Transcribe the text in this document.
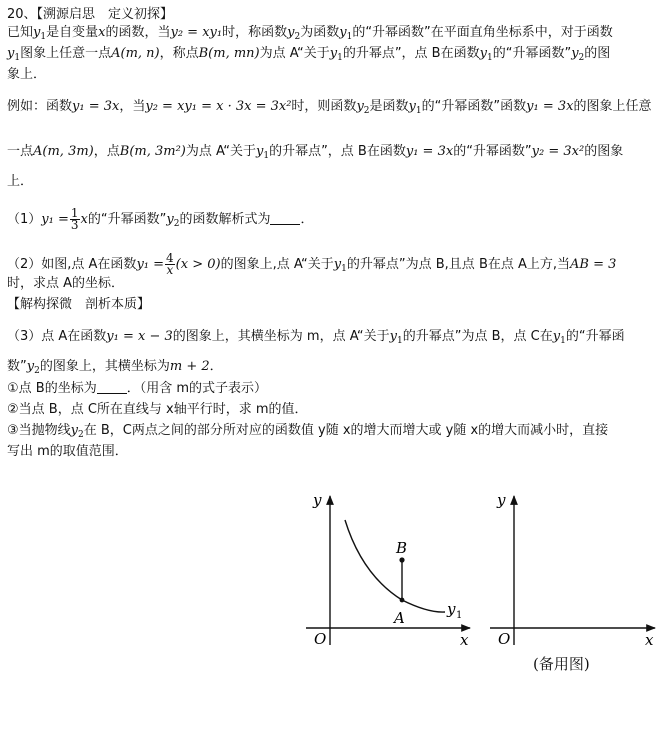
20、【溯源启思　定义初探】
已知$y_1$是自变量x的函数，当y₂ = xy₁时，称函数$y_2$为函数$y_1$的“升幂函数”在平面直角坐标系中，对于函数
$y_1$图象上任意一点A(m, n)，称点B(m, mn)为点 A“关于$y_1$的升幂点”，点 B在函数$y_1$的“升幂函数$”y_2$的图
象上．
例如：函数y₁ = 3x，当y₂ = xy₁ = x · 3x = 3x²时，则函数$y_2$是函数$y_1$的“升幂函数”函数y₁ = 3x的图象上任意
一点A(m, 3m)，点B(m, 3m²)为点 A“关于$y_1$的升幂点”，点 B在函数y₁ = 3x的“升幂函数”y₂ = 3x²的图象
上．
$(1)y_1 = \frac{1}{3}$ x的“升幂函数$”y_2$的函数解析式为 ．
（2）如图,点 A在函数$y_1 = \frac{4}{x} (x > 0)$的图象上,点 A“关于$y_1$的升幂点”为点 B,且点 B在点 A上方,当AB = 3
时，求点 A的坐标．
【解构探微　剖析本质】
（3）点 A在函数y₁ = x − 3的图象上，其横坐标为 m，点 A“关于$y_1$的升幂点”为点 B，点 C在$y_1$的“升幂函
数$”y_2$的图象上，其横坐标为m + 2．
①点 B的坐标为 ．（用含 m的式子表示）
②当点 B，点 C所在直线与 x轴平行时，求 m的值．
③当抛物线$y_2$在 B，C两点之间的部分所对应的函数值 y随 x的增大而增大或 y随 x的增大而减小时，直接
写出 m的取值范围．
y
x
O
B
A	y 1
y
x
O
(备用图)
